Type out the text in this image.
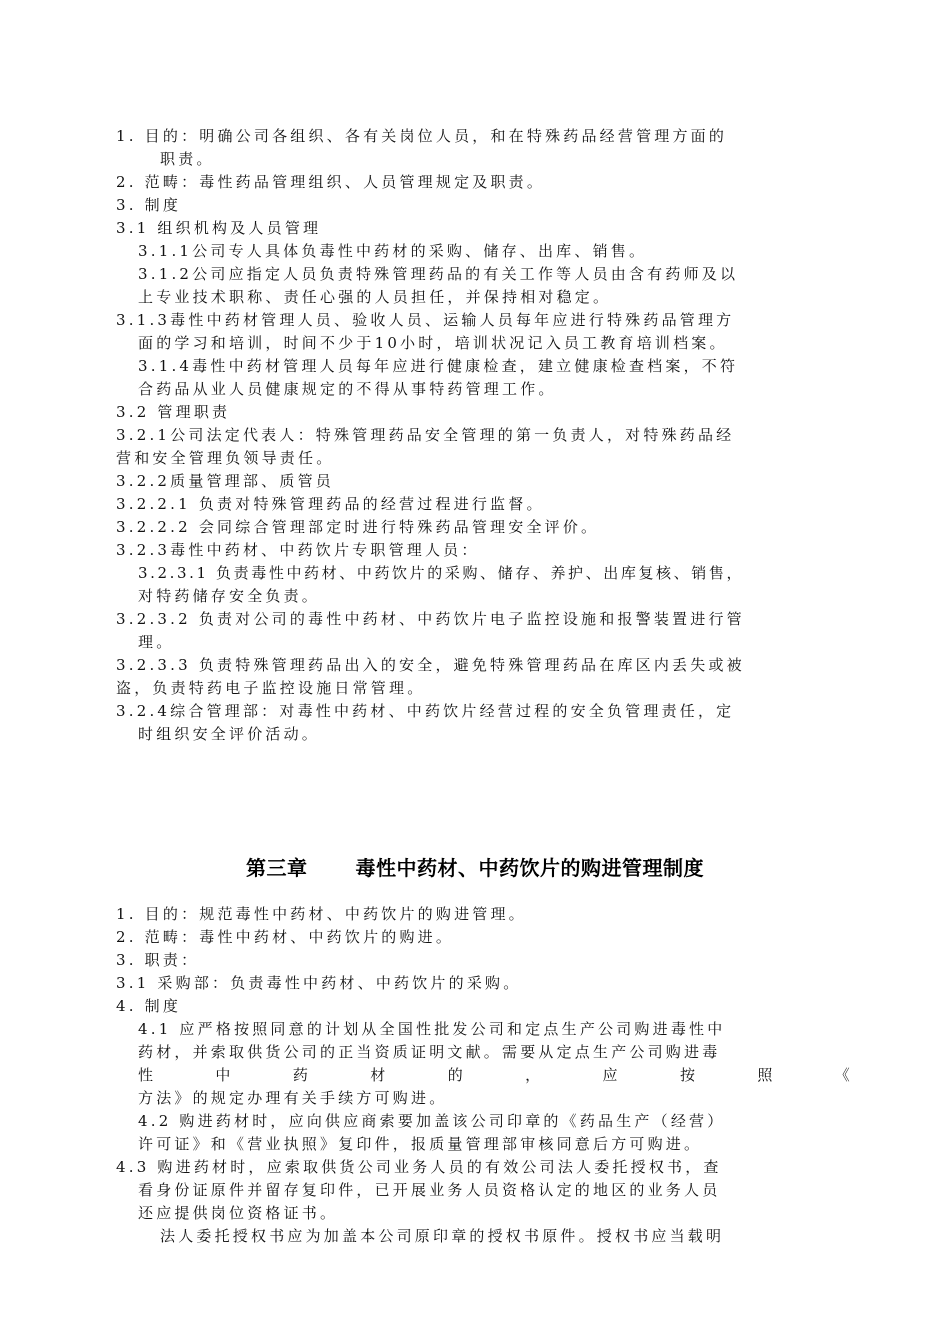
1. 目的：明确公司各组织、各有关岗位人员，和在特殊药品经营管理方面的
职责。
2. 范畴：毒性药品管理组织、人员管理规定及职责。
3. 制度
3.1 组织机构及人员管理
3.1.1公司专人具体负毒性中药材的采购、储存、出库、销售。
3.1.2公司应指定人员负责特殊管理药品的有关工作等人员由含有药师及以
上专业技术职称、责任心强的人员担任，并保持相对稳定。
3.1.3毒性中药材管理人员、验收人员、运输人员每年应进行特殊药品管理方
面的学习和培训，时间不少于10小时，培训状况记入员工教育培训档案。
3.1.4毒性中药材管理人员每年应进行健康检查，建立健康检查档案，不符
合药品从业人员健康规定的不得从事特药管理工作。
3.2 管理职责
3.2.1公司法定代表人：特殊管理药品安全管理的第一负责人，对特殊药品经
营和安全管理负领导责任。
3.2.2质量管理部、质管员
3.2.2.1 负责对特殊管理药品的经营过程进行监督。
3.2.2.2 会同综合管理部定时进行特殊药品管理安全评价。
3.2.3毒性中药材、中药饮片专职管理人员：
3.2.3.1 负责毒性中药材、中药饮片的采购、储存、养护、出库复核、销售，
对特药储存安全负责。
3.2.3.2 负责对公司的毒性中药材、中药饮片电子监控设施和报警装置进行管
理。
3.2.3.3 负责特殊管理药品出入的安全，避免特殊管理药品在库区内丢失或被
盗，负责特药电子监控设施日常管理。
3.2.4综合管理部：对毒性中药材、中药饮片经营过程的安全负管理责任，定
时组织安全评价活动。
第三章 毒性中药材、中药饮片的购进管理制度
1. 目的：规范毒性中药材、中药饮片的购进管理。
2. 范畴：毒性中药材、中药饮片的购进。
3. 职责：
3.1 采购部：负责毒性中药材、中药饮片的采购。
4. 制度
4.1 应严格按照同意的计划从全国性批发公司和定点生产公司购进毒性中
药材，并索取供货公司的正当资质证明文献。需要从定点生产公司购进毒
性	中	药	材	的	，	应	按	照	《
方法》的规定办理有关手续方可购进。
4.2 购进药材时，应向供应商索要加盖该公司印章的《药品生产（经营）
许可证》和《营业执照》复印件，报质量管理部审核同意后方可购进。
4.3 购进药材时，应索取供货公司业务人员的有效公司法人委托授权书，查
看身份证原件并留存复印件，已开展业务人员资格认定的地区的业务人员
还应提供岗位资格证书。
法人委托授权书应为加盖本公司原印章的授权书原件。授权书应当载明
